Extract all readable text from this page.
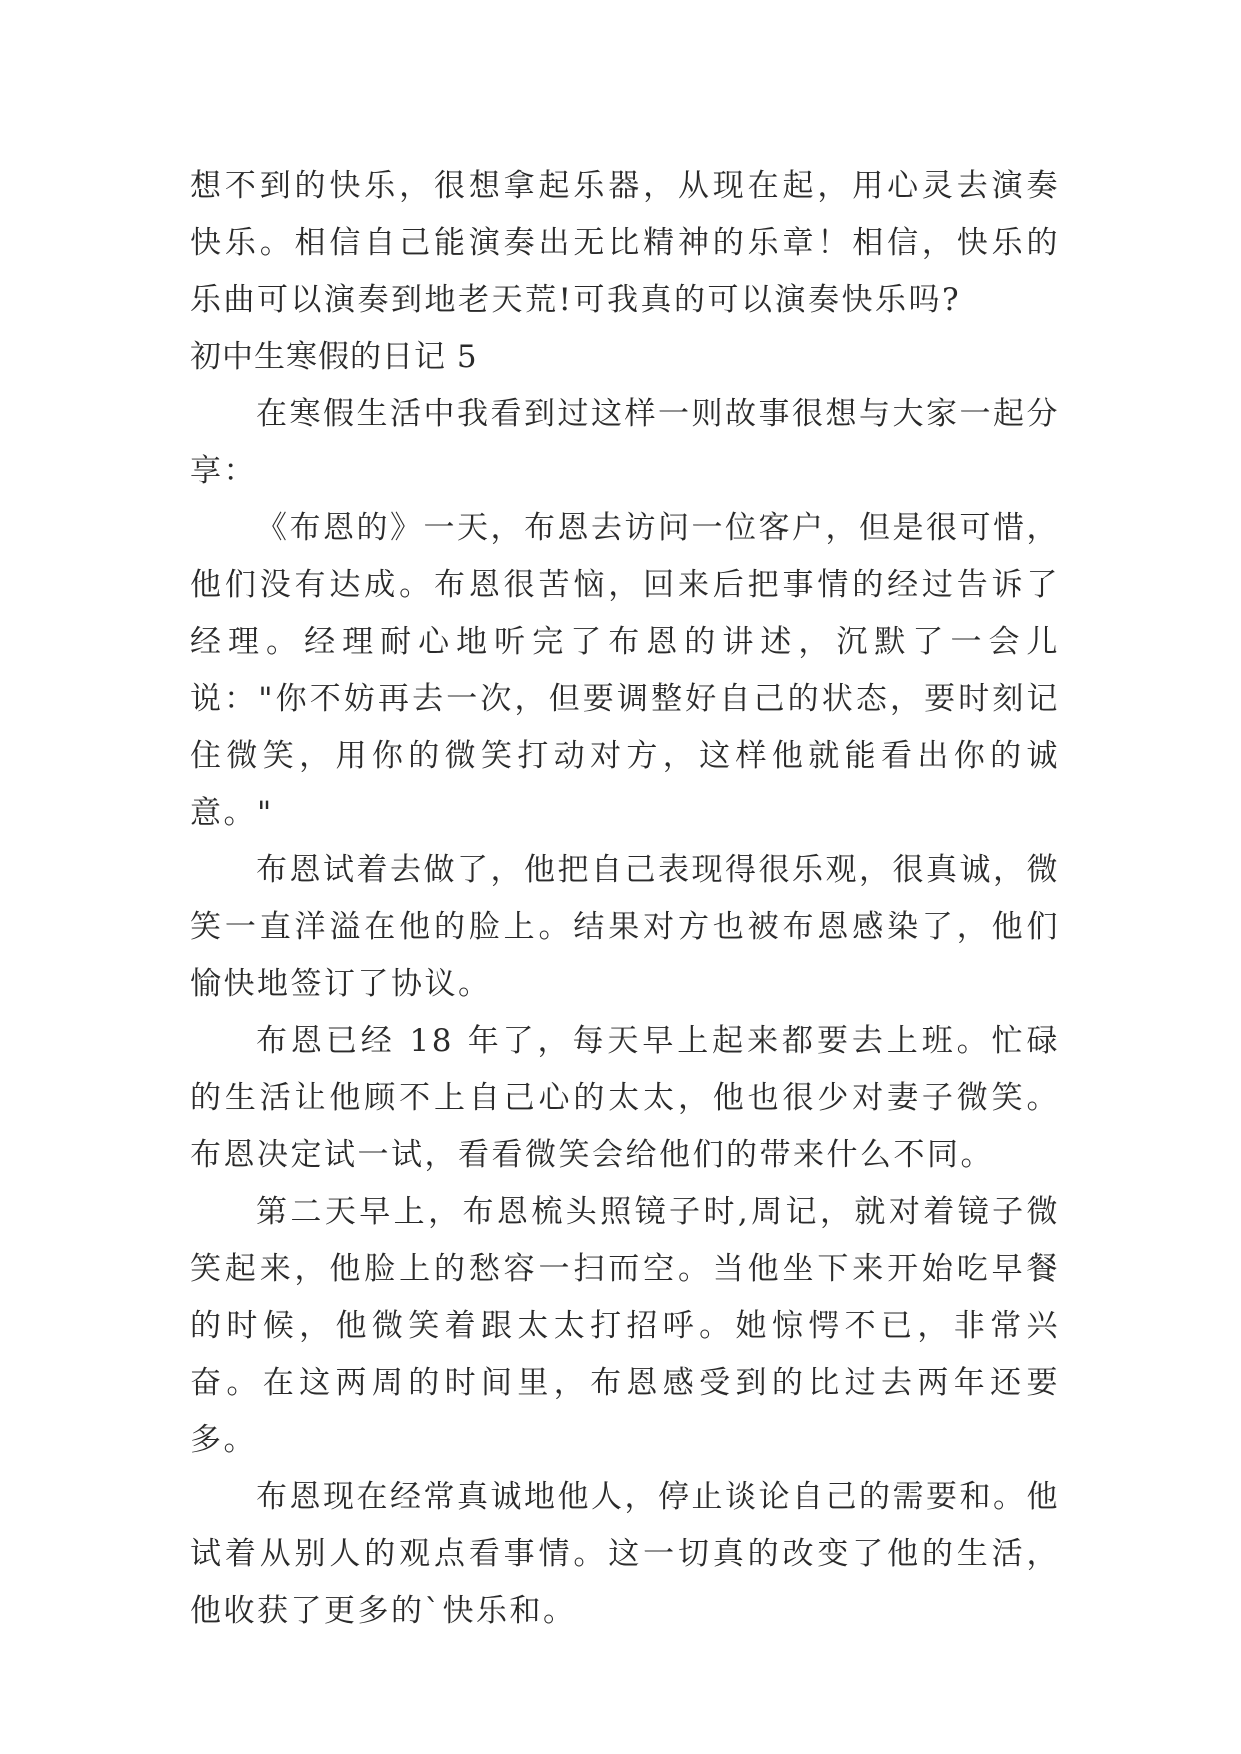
想不到的快乐，很想拿起乐器，从现在起，用心灵去演奏快乐。相信自己能演奏出无比精神的乐章！相信，快乐的乐曲可以演奏到地老天荒!可我真的可以演奏快乐吗?

初中生寒假的日记 5

在寒假生活中我看到过这样一则故事很想与大家一起分享：

《布恩的》一天，布恩去访问一位客户，但是很可惜，他们没有达成。布恩很苦恼，回来后把事情的经过告诉了经理。经理耐心地听完了布恩的讲述，沉默了一会儿说："你不妨再去一次，但要调整好自己的状态，要时刻记住微笑，用你的微笑打动对方，这样他就能看出你的诚意。"

布恩试着去做了，他把自己表现得很乐观，很真诚，微笑一直洋溢在他的脸上。结果对方也被布恩感染了，他们愉快地签订了协议。

布恩已经 18 年了，每天早上起来都要去上班。忙碌的生活让他顾不上自己心的太太，他也很少对妻子微笑。布恩决定试一试，看看微笑会给他们的带来什么不同。

第二天早上，布恩梳头照镜子时,周记，就对着镜子微笑起来，他脸上的愁容一扫而空。当他坐下来开始吃早餐的时候，他微笑着跟太太打招呼。她惊愕不已，非常兴奋。在这两周的时间里，布恩感受到的比过去两年还要多。

布恩现在经常真诚地他人，停止谈论自己的需要和。他试着从别人的观点看事情。这一切真的改变了他的生活，他收获了更多的`快乐和。
